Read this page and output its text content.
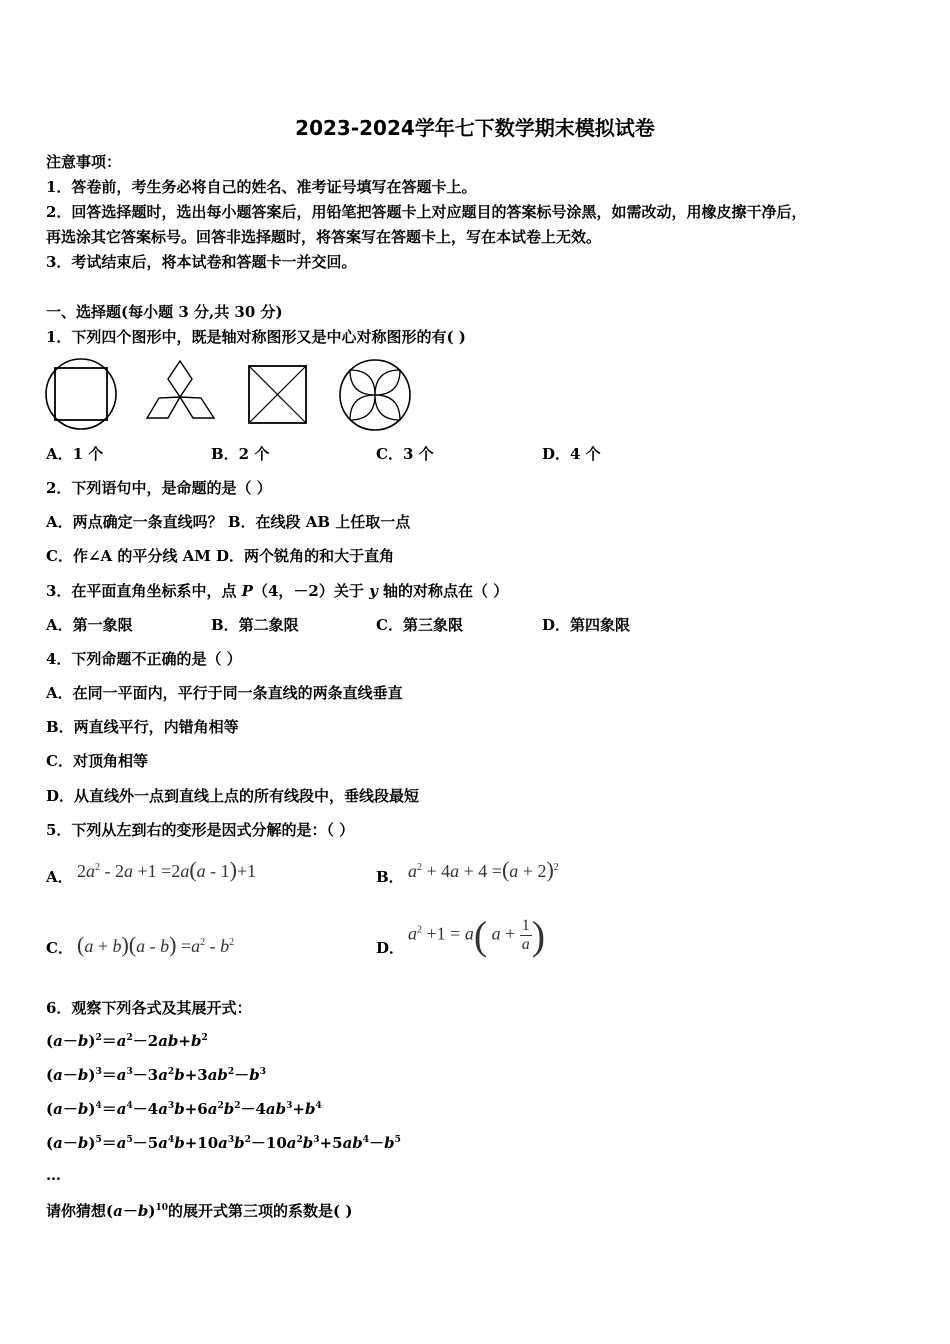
2023-2024学年七下数学期末模拟试卷
注意事项：
1．答卷前，考生务必将自己的姓名、准考证号填写在答题卡上。
2．回答选择题时，选出每小题答案后，用铅笔把答题卡上对应题目的答案标号涂黑，如需改动，用橡皮擦干净后，
再选涂其它答案标号。回答非选择题时，将答案写在答题卡上，写在本试卷上无效。
3．考试结束后，将本试卷和答题卡一并交回。
一、选择题(每小题 3 分,共 30 分)
1．下列四个图形中，既是轴对称图形又是中心对称图形的有( )
A．1 个	B．2 个	C．3 个	D．4 个
2．下列语句中，是命题的是（ ）
A．两点确定一条直线吗？ B．在线段 AB 上任取一点
C．作∠A 的平分线 AM D．两个锐角的和大于直角
3．在平面直角坐标系中，点 P（4，－2）关于 y 轴的对称点在（ ）
A．第一象限	B．第二象限	C．第三象限	D．第四象限
4．下列命题不正确的是（ ）
A．在同一平面内，平行于同一条直线的两条直线垂直
B．两直线平行，内错角相等
C．对顶角相等
D．从直线外一点到直线上点的所有线段中，垂线段最短
5．下列从左到右的变形是因式分解的是：（ ）
A． $2a^2 - 2a +1 =2a(a - 1)+1$	B． $a^2 + 4a + 4 =(a + 2)^2$
C． $(a + b)(a - b) =a^2 - b^2$	D．
$a^2 +1 = a$( $a + \frac{1}{a}$ )
6．观察下列各式及其展开式：
$(a-b)^2=a^2-2ab+b^2$
$(a-b)^3=a^3-3a^2b+3ab^2-b^3$
$(a-b)^4=a^4-4a^3b+6a^2b^2-4ab^3+b^4$
$(a-b)^5=a^5-5a^4b+10a^3b^2-10a^2b^3+5ab^4-b^5$
…
请你猜想$(a-b)^{10}$的展开式第三项的系数是( )
